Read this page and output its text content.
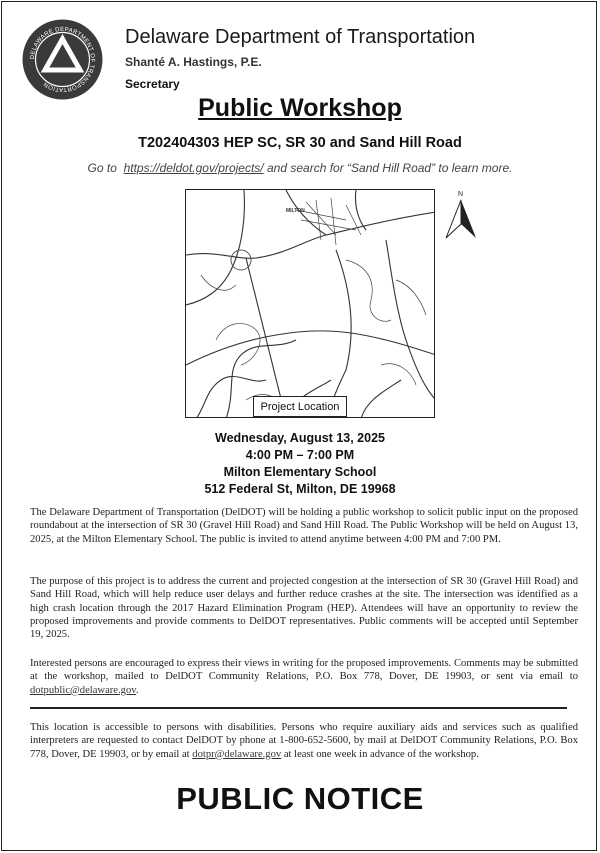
DELAWARE DEPARTMENT OF TRANSPORTATION
Delaware Department of Transportation
Shanté A. Hastings, P.E.
Secretary
Public Workshop
T202404303 HEP SC, SR 30 and Sand Hill Road
Go to https://deldot.gov/projects/ and search for “Sand Hill Road” to learn more.
MILTON
Project Location
N
Wednesday, August 13, 2025
4:00 PM – 7:00 PM
Milton Elementary School
512 Federal St, Milton, DE 19968
The Delaware Department of Transportation (DelDOT) will be holding a public workshop to solicit public input on the proposed roundabout at the intersection of SR 30 (Gravel Hill Road) and Sand Hill Road. The Public Workshop will be held on August 13, 2025, at the Milton Elementary School. The public is invited to attend anytime between 4:00 PM and 7:00 PM.
The purpose of this project is to address the current and projected congestion at the intersection of SR 30 (Gravel Hill Road) and Sand Hill Road, which will help reduce user delays and further reduce crashes at the site. The intersection was identified as a high crash location through the 2017 Hazard Elimination Program (HEP). Attendees will have an opportunity to review the proposed improvements and provide comments to DelDOT representatives. Public comments will be accepted until September 19, 2025.
Interested persons are encouraged to express their views in writing for the proposed improvements. Comments may be submitted at the workshop, mailed to DelDOT Community Relations, P.O. Box 778, Dover, DE 19903, or sent via email to dotpublic@delaware.gov.
This location is accessible to persons with disabilities. Persons who require auxiliary aids and services such as qualified interpreters are requested to contact DelDOT by phone at 1-800-652-5600, by mail at DelDOT Community Relations, P.O. Box 778, Dover, DE 19903, or by email at dotpr@delaware.gov at least one week in advance of the workshop.
PUBLIC NOTICE
